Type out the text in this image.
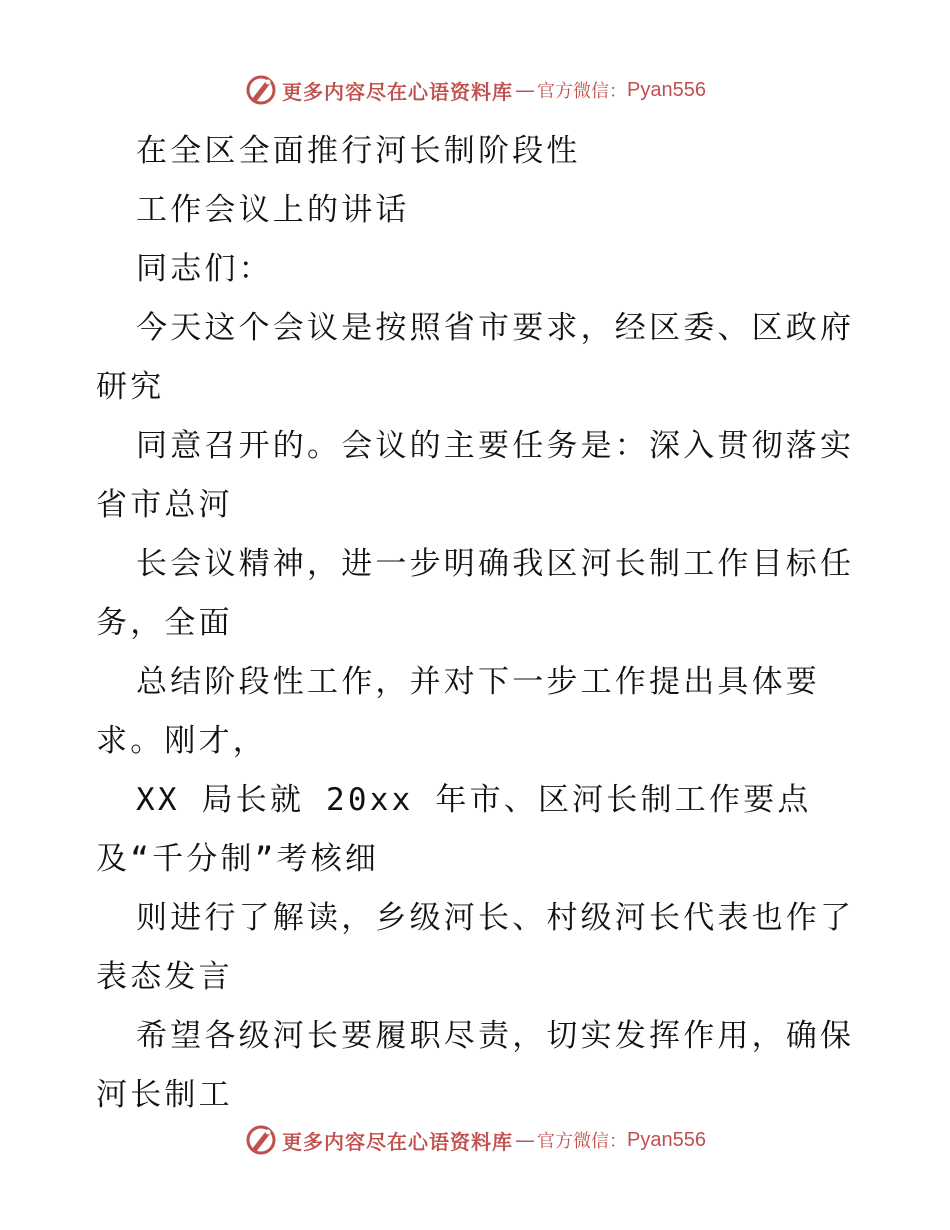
更多内容尽在心语资料库 — 官方微信： Pyan556

在全区全面推行河长制阶段性

工作会议上的讲话

同志们：

今天这个会议是按照省市要求，经区委、区政府

研究

同意召开的。会议的主要任务是：深入贯彻落实

省市总河

长会议精神，进一步明确我区河长制工作目标任

务，全面

总结阶段性工作，并对下一步工作提出具体要

求。刚才，

XX 局长就 20xx 年市、区河长制工作要点

及“千分制”考核细

则进行了解读，乡级河长、村级河长代表也作了

表态发言

希望各级河长要履职尽责，切实发挥作用，确保

河长制工

更多内容尽在心语资料库 — 官方微信： Pyan556
